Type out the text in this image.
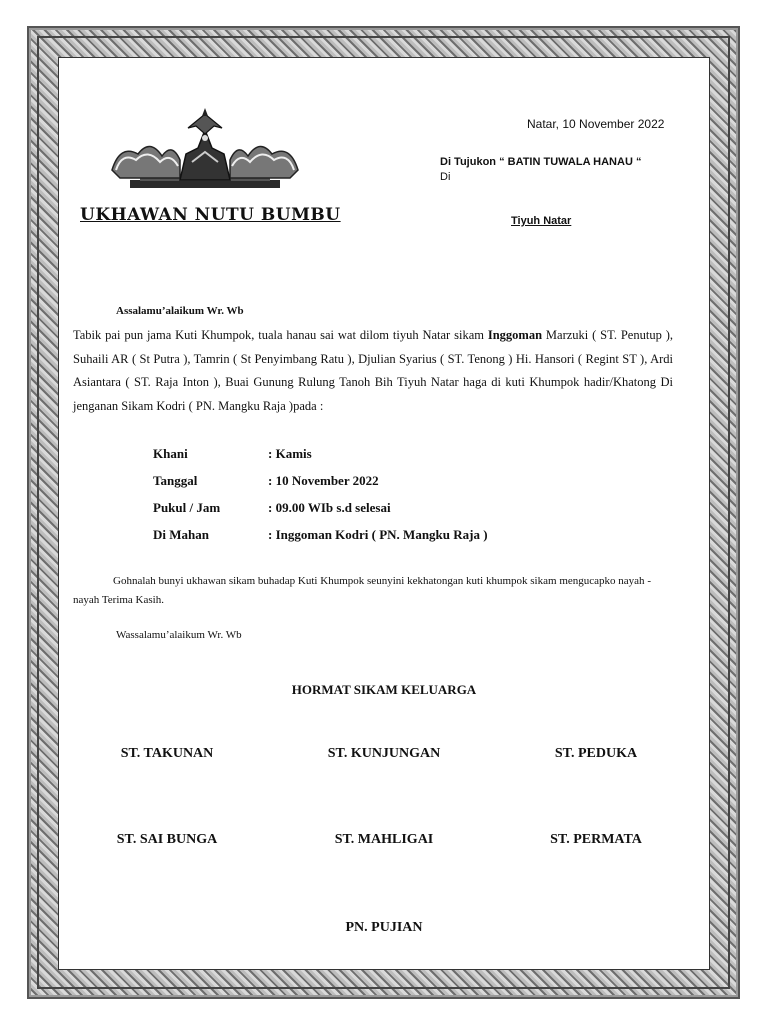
Natar, 10 November 2022
Di Tujukon “ BATIN TUWALA HANAU “
Di
Tiyuh Natar
UKHAWAN NUTU BUMBU
Assalamu’alaikum Wr. Wb
Tabik pai pun jama Kuti Khumpok, tuala hanau sai wat dilom tiyuh Natar sikam Inggoman Marzuki ( ST. Penutup ), Suhaili AR ( St Putra ), Tamrin ( St Penyimbang Ratu ), Djulian Syarius ( ST. Tenong ) Hi. Hansori ( Regint ST ), Ardi Asiantara ( ST. Raja Inton ), Buai Gunung Rulung Tanoh Bih Tiyuh Natar haga di kuti Khumpok hadir/Khatong Di jenganan Sikam Kodri ( PN. Mangku Raja )pada :
Khani	: Kamis
Tanggal	: 10 November 2022
Pukul / Jam	: 09.00 WIb s.d selesai
Di Mahan	: Inggoman Kodri ( PN. Mangku Raja )
Gohnalah bunyi ukhawan sikam buhadap Kuti Khumpok seunyini kekhatongan kuti khumpok sikam mengucapko nayah - nayah Terima Kasih.
Wassalamu’alaikum Wr. Wb
HORMAT SIKAM KELUARGA
ST. TAKUNAN	ST. KUNJUNGAN	ST. PEDUKA
ST. SAI BUNGA	ST. MAHLIGAI	ST. PERMATA
PN. PUJIAN
